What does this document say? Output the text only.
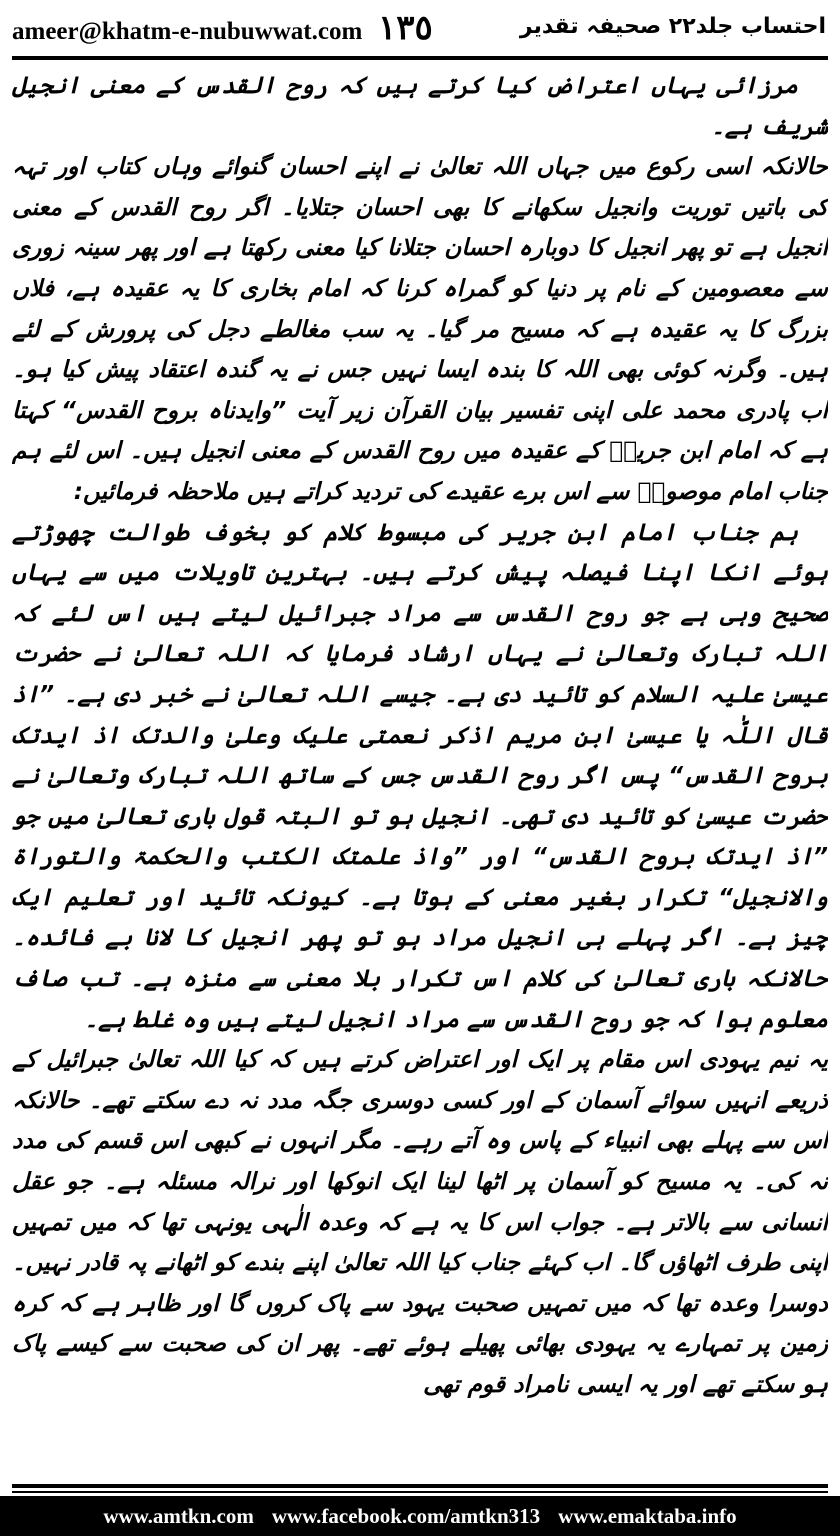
ameer@khatm-e-nubuwwat.com ١٣٥	احتساب جلد۲۲ صحیفہ تقدیر

مرزائی یہاں اعتراض کیا کرتے ہیں کہ روح القدس کے معنی انجیل شریف ہے۔

حالانکہ اسی رکوع میں جہاں اللہ تعالیٰ نے اپنے احسان گنوائے وہاں کتاب اور تہہ کی باتیں توریت وانجیل سکھانے کا بھی احسان جتلایا۔ اگر روح القدس کے معنی انجیل ہے تو پھر انجیل کا دوبارہ احسان جتلانا کیا معنی رکھتا ہے اور پھر سینہ زوری سے معصومین کے نام پر دنیا کو گمراہ کرنا کہ امام بخاری کا یہ عقیدہ ہے، فلاں بزرگ کا یہ عقیدہ ہے کہ مسیح مر گیا۔ یہ سب مغالطے دجل کی پرورش کے لئے ہیں۔ وگرنہ کوئی بھی اللہ کا بندہ ایسا نہیں جس نے یہ گندہ اعتقاد پیش کیا ہو۔ اب پادری محمد علی اپنی تفسیر بیان القرآن زیر آیت ”وایدناہ بروح القدس“ کہتا ہے کہ امام ابن جریرؒ کے عقیدہ میں روح القدس کے معنی انجیل ہیں۔ اس لئے ہم جناب امام موصوفؒ سے اس برے عقیدے کی تردید کراتے ہیں ملاحظہ فرمائیں:

ہم جناب امام ابن جریر کی مبسوط کلام کو بخوف طوالت چھوڑتے ہوئے انکا اپنا فیصلہ پیش کرتے ہیں۔ بہترین تاویلات میں سے یہاں صحیح وہی ہے جو روح القدس سے مراد جبرائیل لیتے ہیں اس لئے کہ اللہ تبارک وتعالیٰ نے یہاں ارشاد فرمایا کہ اللہ تعالیٰ نے حضرت عیسیٰ علیہ السلام کو تائید دی ہے۔ جیسے اللہ تعالیٰ نے خبر دی ہے۔ ”اذ قال اللّٰہ یا عیسیٰ ابن مریم اذکر نعمتی علیک وعلیٰ والدتک اذ ایدتک بروح القدس“ پس اگر روح القدس جس کے ساتھ اللہ تبارک وتعالیٰ نے حضرت عیسیٰ کو تائید دی تھی۔ انجیل ہو تو البتہ قول باری تعالیٰ میں جو ”اذ ایدتک بروح القدس“ اور ”واذ علمتک الکتب والحکمۃ والتوراۃ والانجیل“ تکرار بغیر معنی کے ہوتا ہے۔ کیونکہ تائید اور تعلیم ایک چیز ہے۔ اگر پہلے ہی انجیل مراد ہو تو پھر انجیل کا لانا بے فائدہ۔ حالانکہ باری تعالیٰ کی کلام اس تکرار بلا معنی سے منزہ ہے۔ تب صاف معلوم ہوا کہ جو روح القدس سے مراد انجیل لیتے ہیں وہ غلط ہے۔

یہ نیم یہودی اس مقام پر ایک اور اعتراض کرتے ہیں کہ کیا اللہ تعالیٰ جبرائیل کے ذریعے انہیں سوائے آسمان کے اور کسی دوسری جگہ مدد نہ دے سکتے تھے۔ حالانکہ اس سے پہلے بھی انبیاء کے پاس وہ آتے رہے۔ مگر انہوں نے کبھی اس قسم کی مدد نہ کی۔ یہ مسیح کو آسمان پر اٹھا لینا ایک انوکھا اور نرالہ مسئلہ ہے۔ جو عقل انسانی سے بالاتر ہے۔ جواب اس کا یہ ہے کہ وعدہ الٰہی یونہی تھا کہ میں تمہیں اپنی طرف اٹھاؤں گا۔ اب کہئے جناب کیا اللہ تعالیٰ اپنے بندے کو اٹھانے پہ قادر نہیں۔ دوسرا وعدہ تھا کہ میں تمہیں صحبت یہود سے پاک کروں گا اور ظاہر ہے کہ کرہ زمین پر تمہارے یہ یہودی بھائی پھیلے ہوئے تھے۔ پھر ان کی صحبت سے کیسے پاک ہو سکتے تھے اور یہ ایسی نامراد قوم تھی

www.amtkn.com www.facebook.com/amtkn313 www.emaktaba.info
